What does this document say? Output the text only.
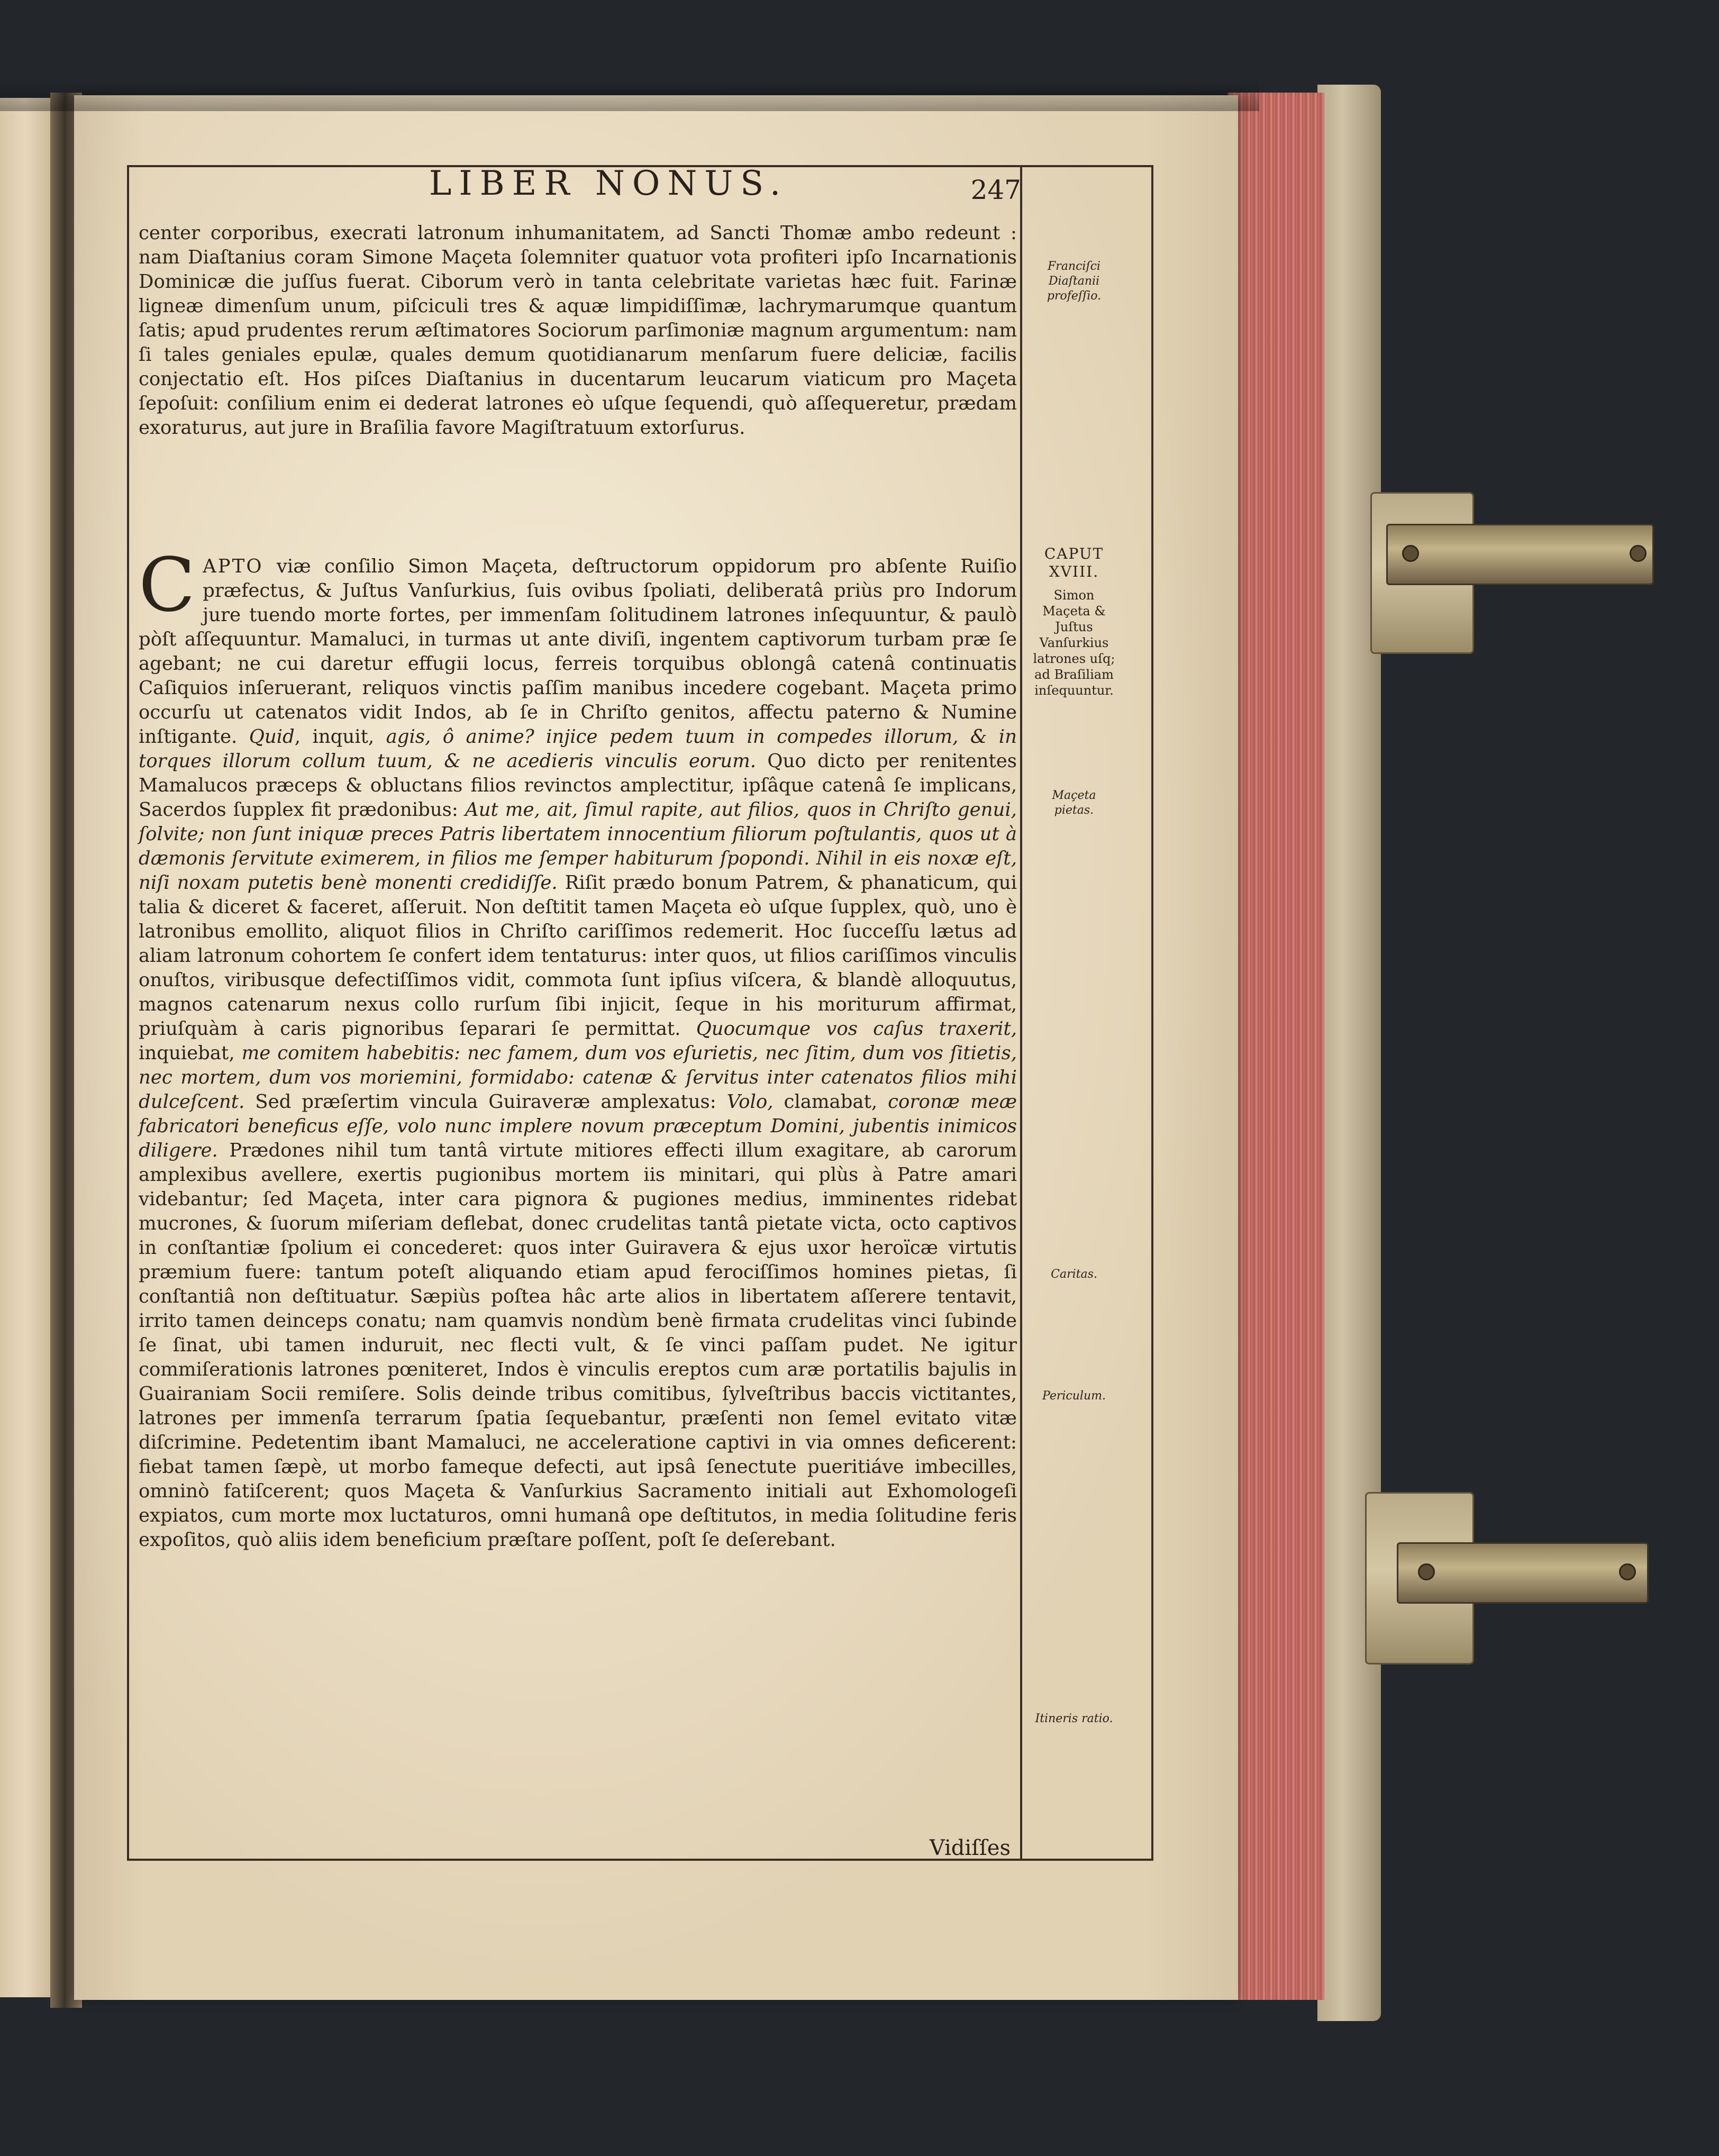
LIBER NONUS.	247

center corporibus, execrati latronum inhumanitatem, ad Sancti Thomæ ambo redeunt : nam Diaſtanius coram Simone Maçeta ſolemniter quatuor vota profiteri ipſo Incarnationis Dominicæ die juſſus fuerat. Ciborum verò in tanta celebritate varietas hæc fuit. Farinæ ligneæ dimenſum unum, piſciculi tres & aquæ limpidiſſimæ, lachrymarumque quantum ſatis; apud prudentes rerum æſtimatores Sociorum parſimoniæ magnum argumentum: nam ſi tales geniales epulæ, quales demum quotidianarum menſarum fuere deliciæ, facilis conjectatio eſt. Hos piſces Diaſtanius in ducentarum leucarum viaticum pro Maçeta ſepoſuit: conſilium enim ei dederat latrones eò uſque ſequendi, quò aſſequeretur, prædam exoraturus, aut jure in Braſilia favore Magiſtratuum extorſurus.

CAPTO viæ conſilio Simon Maçeta, deſtructorum oppidorum pro abſente Ruiſio præfectus, & Juſtus Vanſurkius, ſuis ovibus ſpoliati, deliberatâ priùs pro Indorum jure tuendo morte fortes, per immenſam ſolitudinem latrones inſequuntur, & paulò pòſt aſſequuntur. Mamaluci, in turmas ut ante diviſi, ingentem captivorum turbam præ ſe agebant; ne cui daretur effugii locus, ferreis torquibus oblongâ catenâ continuatis Caſiquios inſeruerant, reliquos vinctis paſſim manibus incedere cogebant. Maçeta primo occurſu ut catenatos vidit Indos, ab ſe in Chriſto genitos, affectu paterno & Numine inſtigante. Quid, inquit, agis, ô anime? injice pedem tuum in compedes illorum, & in torques illorum collum tuum, & ne acedieris vinculis eorum. Quo dicto per renitentes Mamalucos præceps & obluctans filios revinctos amplectitur, ipſâque catenâ ſe implicans, Sacerdos ſupplex fit prædonibus: Aut me, ait, ſimul rapite, aut filios, quos in Chriſto genui, ſolvite; non ſunt iniquæ preces Patris libertatem innocentium filiorum poſtulantis, quos ut à dæmonis ſervitute eximerem, in filios me ſemper habiturum ſpopondi. Nihil in eis noxæ eſt, niſi noxam putetis benè monenti credidiſſe. Riſit prædo bonum Patrem, & phanaticum, qui talia & diceret & faceret, aſſeruit. Non deſtitit tamen Maçeta eò uſque ſupplex, quò, uno è latronibus emollito, aliquot filios in Chriſto cariſſimos redemerit. Hoc ſucceſſu lætus ad aliam latronum cohortem ſe confert idem tentaturus: inter quos, ut filios cariſſimos vinculis onuſtos, viribusque defectiſſimos vidit, commota ſunt ipſius viſcera, & blandè alloquutus, magnos catenarum nexus collo rurſum ſibi injicit, ſeque in his moriturum affirmat, priuſquàm à caris pignoribus ſeparari ſe permittat. Quocumque vos caſus traxerit, inquiebat, me comitem habebitis: nec famem, dum vos eſurietis, nec ſitim, dum vos ſitietis, nec mortem, dum vos moriemini, formidabo: catenæ & ſervitus inter catenatos filios mihi dulceſcent. Sed præſertim vincula Guiraveræ amplexatus: Volo, clamabat, coronæ meæ fabricatori beneficus eſſe, volo nunc implere novum præceptum Domini, jubentis inimicos diligere. Prædones nihil tum tantâ virtute mitiores effecti illum exagitare, ab carorum amplexibus avellere, exertis pugionibus mortem iis minitari, qui plùs à Patre amari videbantur; ſed Maçeta, inter cara pignora & pugiones medius, imminentes ridebat mucrones, & ſuorum miſeriam deflebat, donec crudelitas tantâ pietate victa, octo captivos in conſtantiæ ſpolium ei concederet: quos inter Guiravera & ejus uxor heroïcæ virtutis præmium fuere: tantum poteſt aliquando etiam apud ferociſſimos homines pietas, ſi conſtantiâ non deſtituatur. Sæpiùs poſtea hâc arte alios in libertatem aſſerere tentavit, irrito tamen deinceps conatu; nam quamvis nondùm benè firmata crudelitas vinci ſubinde ſe ſinat, ubi tamen induruit, nec flecti vult, & ſe vinci paſſam pudet. Ne igitur commiſerationis latrones pœniteret, Indos è vinculis ereptos cum aræ portatilis bajulis in Guairaniam Socii remiſere. Solis deinde tribus comitibus, ſylveſtribus baccis victitantes, latrones per immenſa terrarum ſpatia ſequebantur, præſenti non ſemel evitato vitæ diſcrimine. Pedetentim ibant Mamaluci, ne acceleratione captivi in via omnes deficerent: fiebat tamen ſæpè, ut morbo fameque defecti, aut ipsâ ſenectute pueritiáve imbecilles, omninò fatiſcerent; quos Maçeta & Vanſurkius Sacramento initiali aut Exhomologeſi expiatos, cum morte mox luctaturos, omni humanâ ope deſtitutos, in media ſolitudine feris expoſitos, quò aliis idem beneficium præſtare poſſent, poſt ſe deſerebant.

Franciſci Diaſtanii profeſſio.
CAPUT XVIII.
Simon Maçeta & Juſtus Vanſurkius latrones uſq; ad Braſiliam inſequuntur.
Maçeta pietas.
Caritas.
Periculum.
Itineris ratio.
Vidiſſes
